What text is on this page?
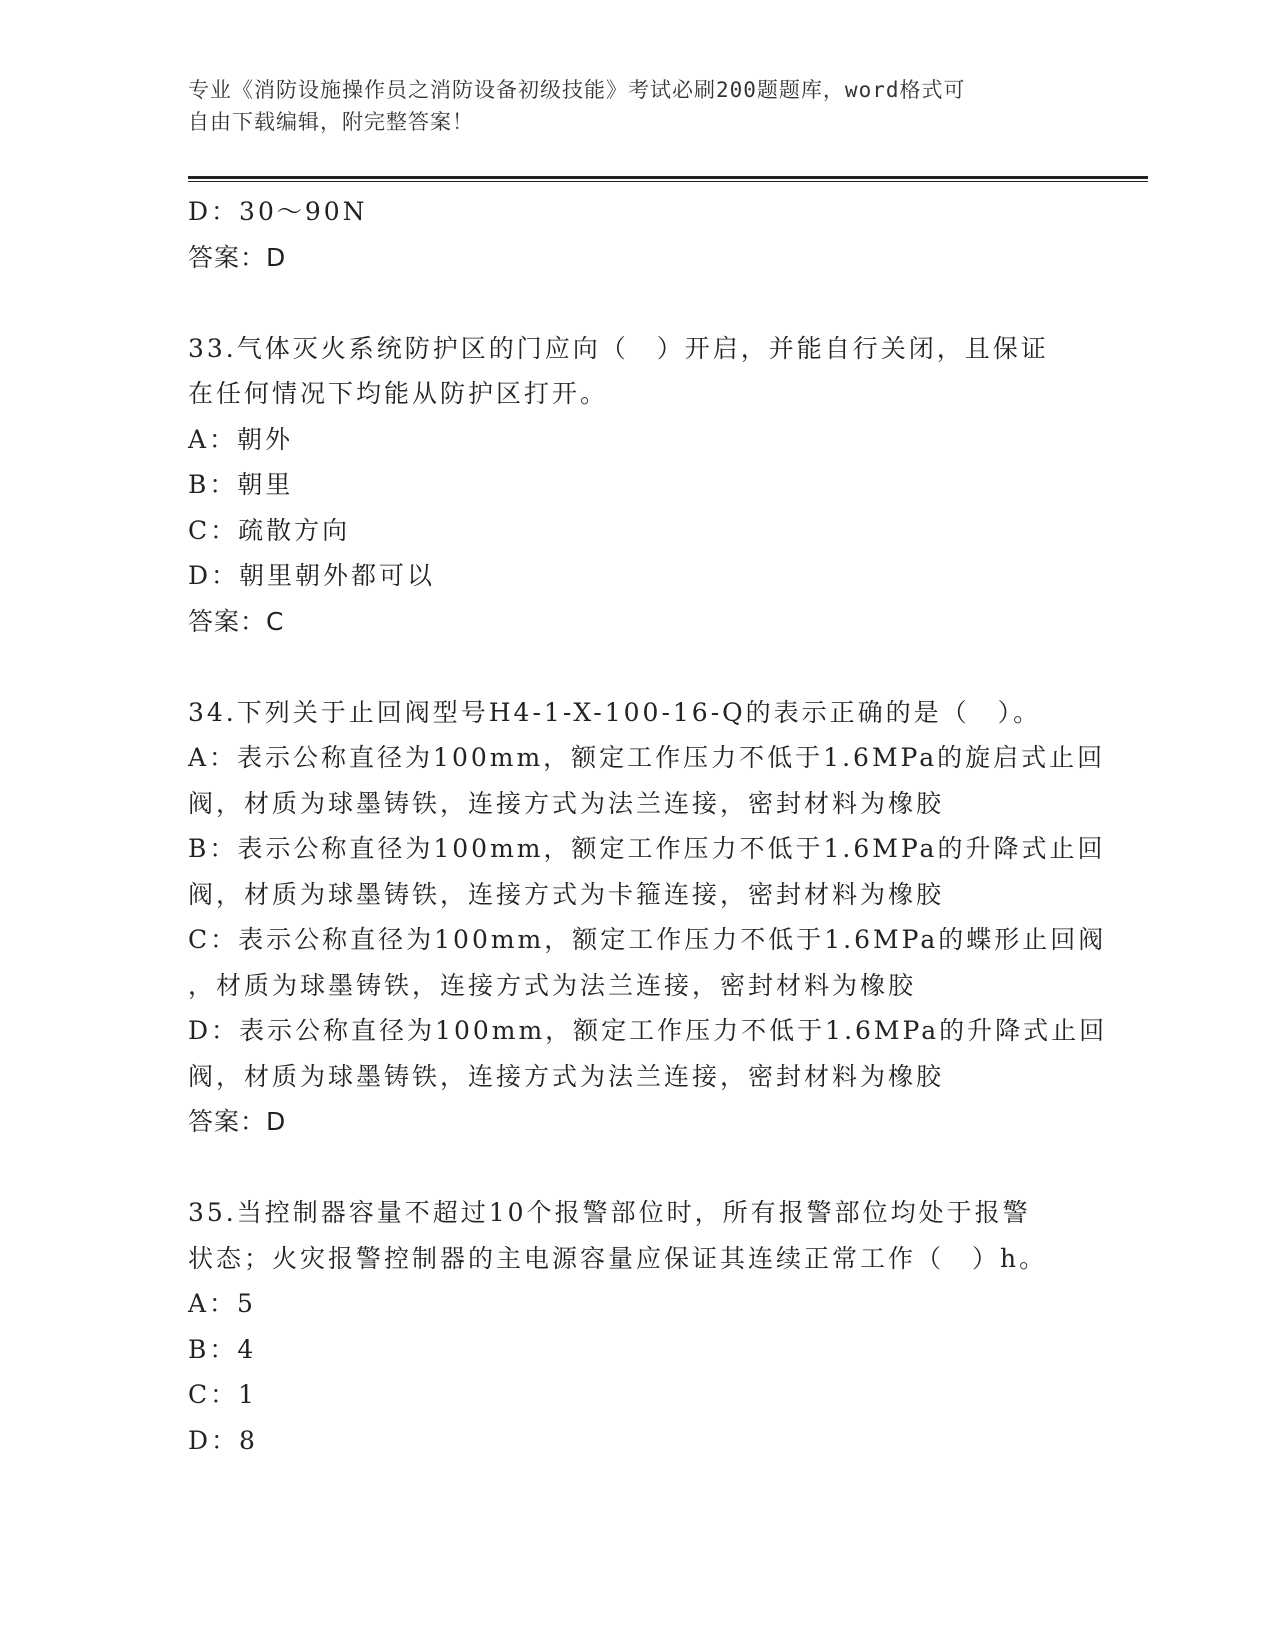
专业《消防设施操作员之消防设备初级技能》考试必刷200题题库，word格式可
自由下载编辑，附完整答案！
D：30～90N
答案：D
33.气体灭火系统防护区的门应向（　）开启，并能自行关闭，且保证
在任何情况下均能从防护区打开。
A：朝外
B：朝里
C：疏散方向
D：朝里朝外都可以
答案：C
34.下列关于止回阀型号H4-1-X-100-16-Q的表示正确的是（　）。
A：表示公称直径为100mm，额定工作压力不低于1.6MPa的旋启式止回
阀，材质为球墨铸铁，连接方式为法兰连接，密封材料为橡胶
B：表示公称直径为100mm，额定工作压力不低于1.6MPa的升降式止回
阀，材质为球墨铸铁，连接方式为卡箍连接，密封材料为橡胶
C：表示公称直径为100mm，额定工作压力不低于1.6MPa的蝶形止回阀
，材质为球墨铸铁，连接方式为法兰连接，密封材料为橡胶
D：表示公称直径为100mm，额定工作压力不低于1.6MPa的升降式止回
阀，材质为球墨铸铁，连接方式为法兰连接，密封材料为橡胶
答案：D
35.当控制器容量不超过10个报警部位时，所有报警部位均处于报警
状态；火灾报警控制器的主电源容量应保证其连续正常工作（　）h。
A：5
B：4
C：1
D：8
